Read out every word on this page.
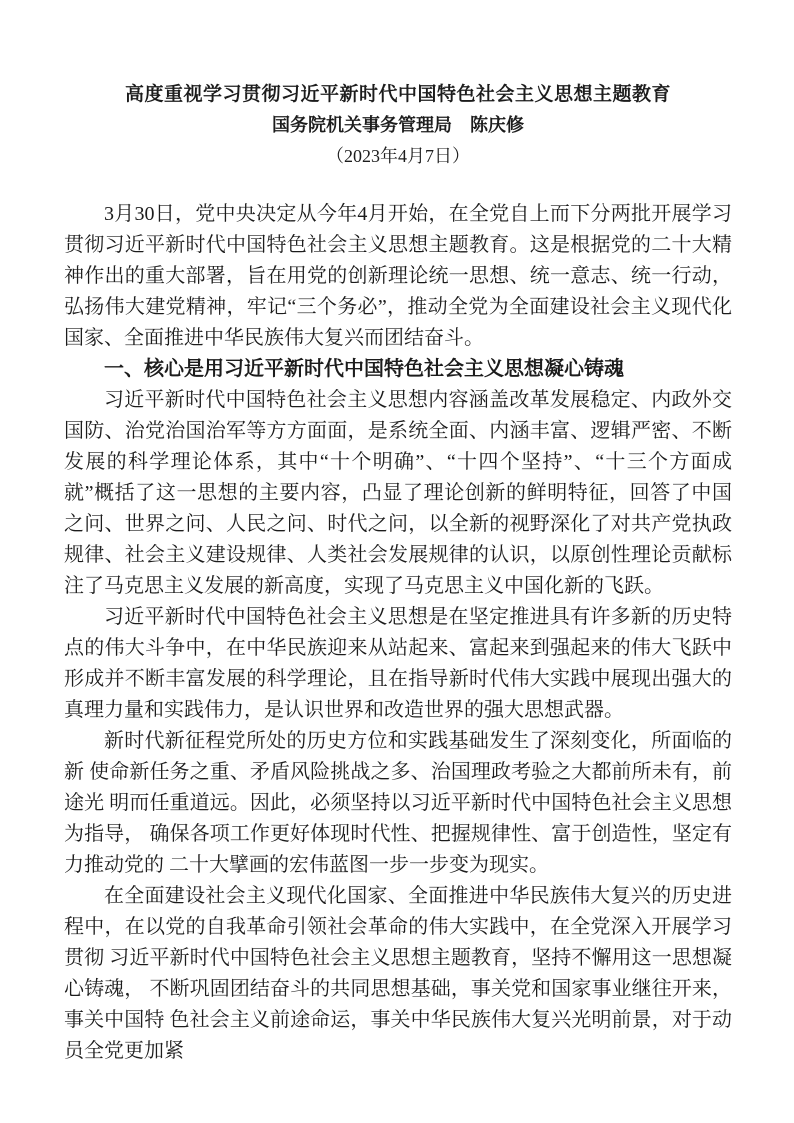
高度重视学习贯彻习近平新时代中国特色社会主义思想主题教育
国务院机关事务管理局　陈庆修
（2023年4月7日）

3月30日，党中央决定从今年4月开始，在全党自上而下分两批开展学习贯彻习近平新时代中国特色社会主义思想主题教育。这是根据党的二十大精神作出的重大部署，旨在用党的创新理论统一思想、统一意志、统一行动，弘扬伟大建党精神，牢记“三个务必”，推动全党为全面建设社会主义现代化国家、全面推进中华民族伟大复兴而团结奋斗。

一、核心是用习近平新时代中国特色社会主义思想凝心铸魂

习近平新时代中国特色社会主义思想内容涵盖改革发展稳定、内政外交国防、治党治国治军等方方面面，是系统全面、内涵丰富、逻辑严密、不断发展的科学理论体系，其中“十个明确”、“十四个坚持”、“十三个方面成就”概括了这一思想的主要内容，凸显了理论创新的鲜明特征，回答了中国之问、世界之问、人民之问、时代之问，以全新的视野深化了对共产党执政规律、社会主义建设规律、人类社会发展规律的认识，以原创性理论贡献标注了马克思主义发展的新高度，实现了马克思主义中国化新的飞跃。

习近平新时代中国特色社会主义思想是在坚定推进具有许多新的历史特点的伟大斗争中，在中华民族迎来从站起来、富起来到强起来的伟大飞跃中形成并不断丰富发展的科学理论，且在指导新时代伟大实践中展现出强大的真理力量和实践伟力，是认识世界和改造世界的强大思想武器。

新时代新征程党所处的历史方位和实践基础发生了深刻变化，所面临的新 使命新任务之重、矛盾风险挑战之多、治国理政考验之大都前所未有，前途光 明而任重道远。因此，必须坚持以习近平新时代中国特色社会主义思想为指导， 确保各项工作更好体现时代性、把握规律性、富于创造性，坚定有力推动党的 二十大擘画的宏伟蓝图一步一步变为现实。

在全面建设社会主义现代化国家、全面推进中华民族伟大复兴的历史进程中，在以党的自我革命引领社会革命的伟大实践中，在全党深入开展学习贯彻 习近平新时代中国特色社会主义思想主题教育，坚持不懈用这一思想凝心铸魂， 不断巩固团结奋斗的共同思想基础，事关党和国家事业继往开来，事关中国特 色社会主义前途命运，事关中华民族伟大复兴光明前景，对于动员全党更加紧
